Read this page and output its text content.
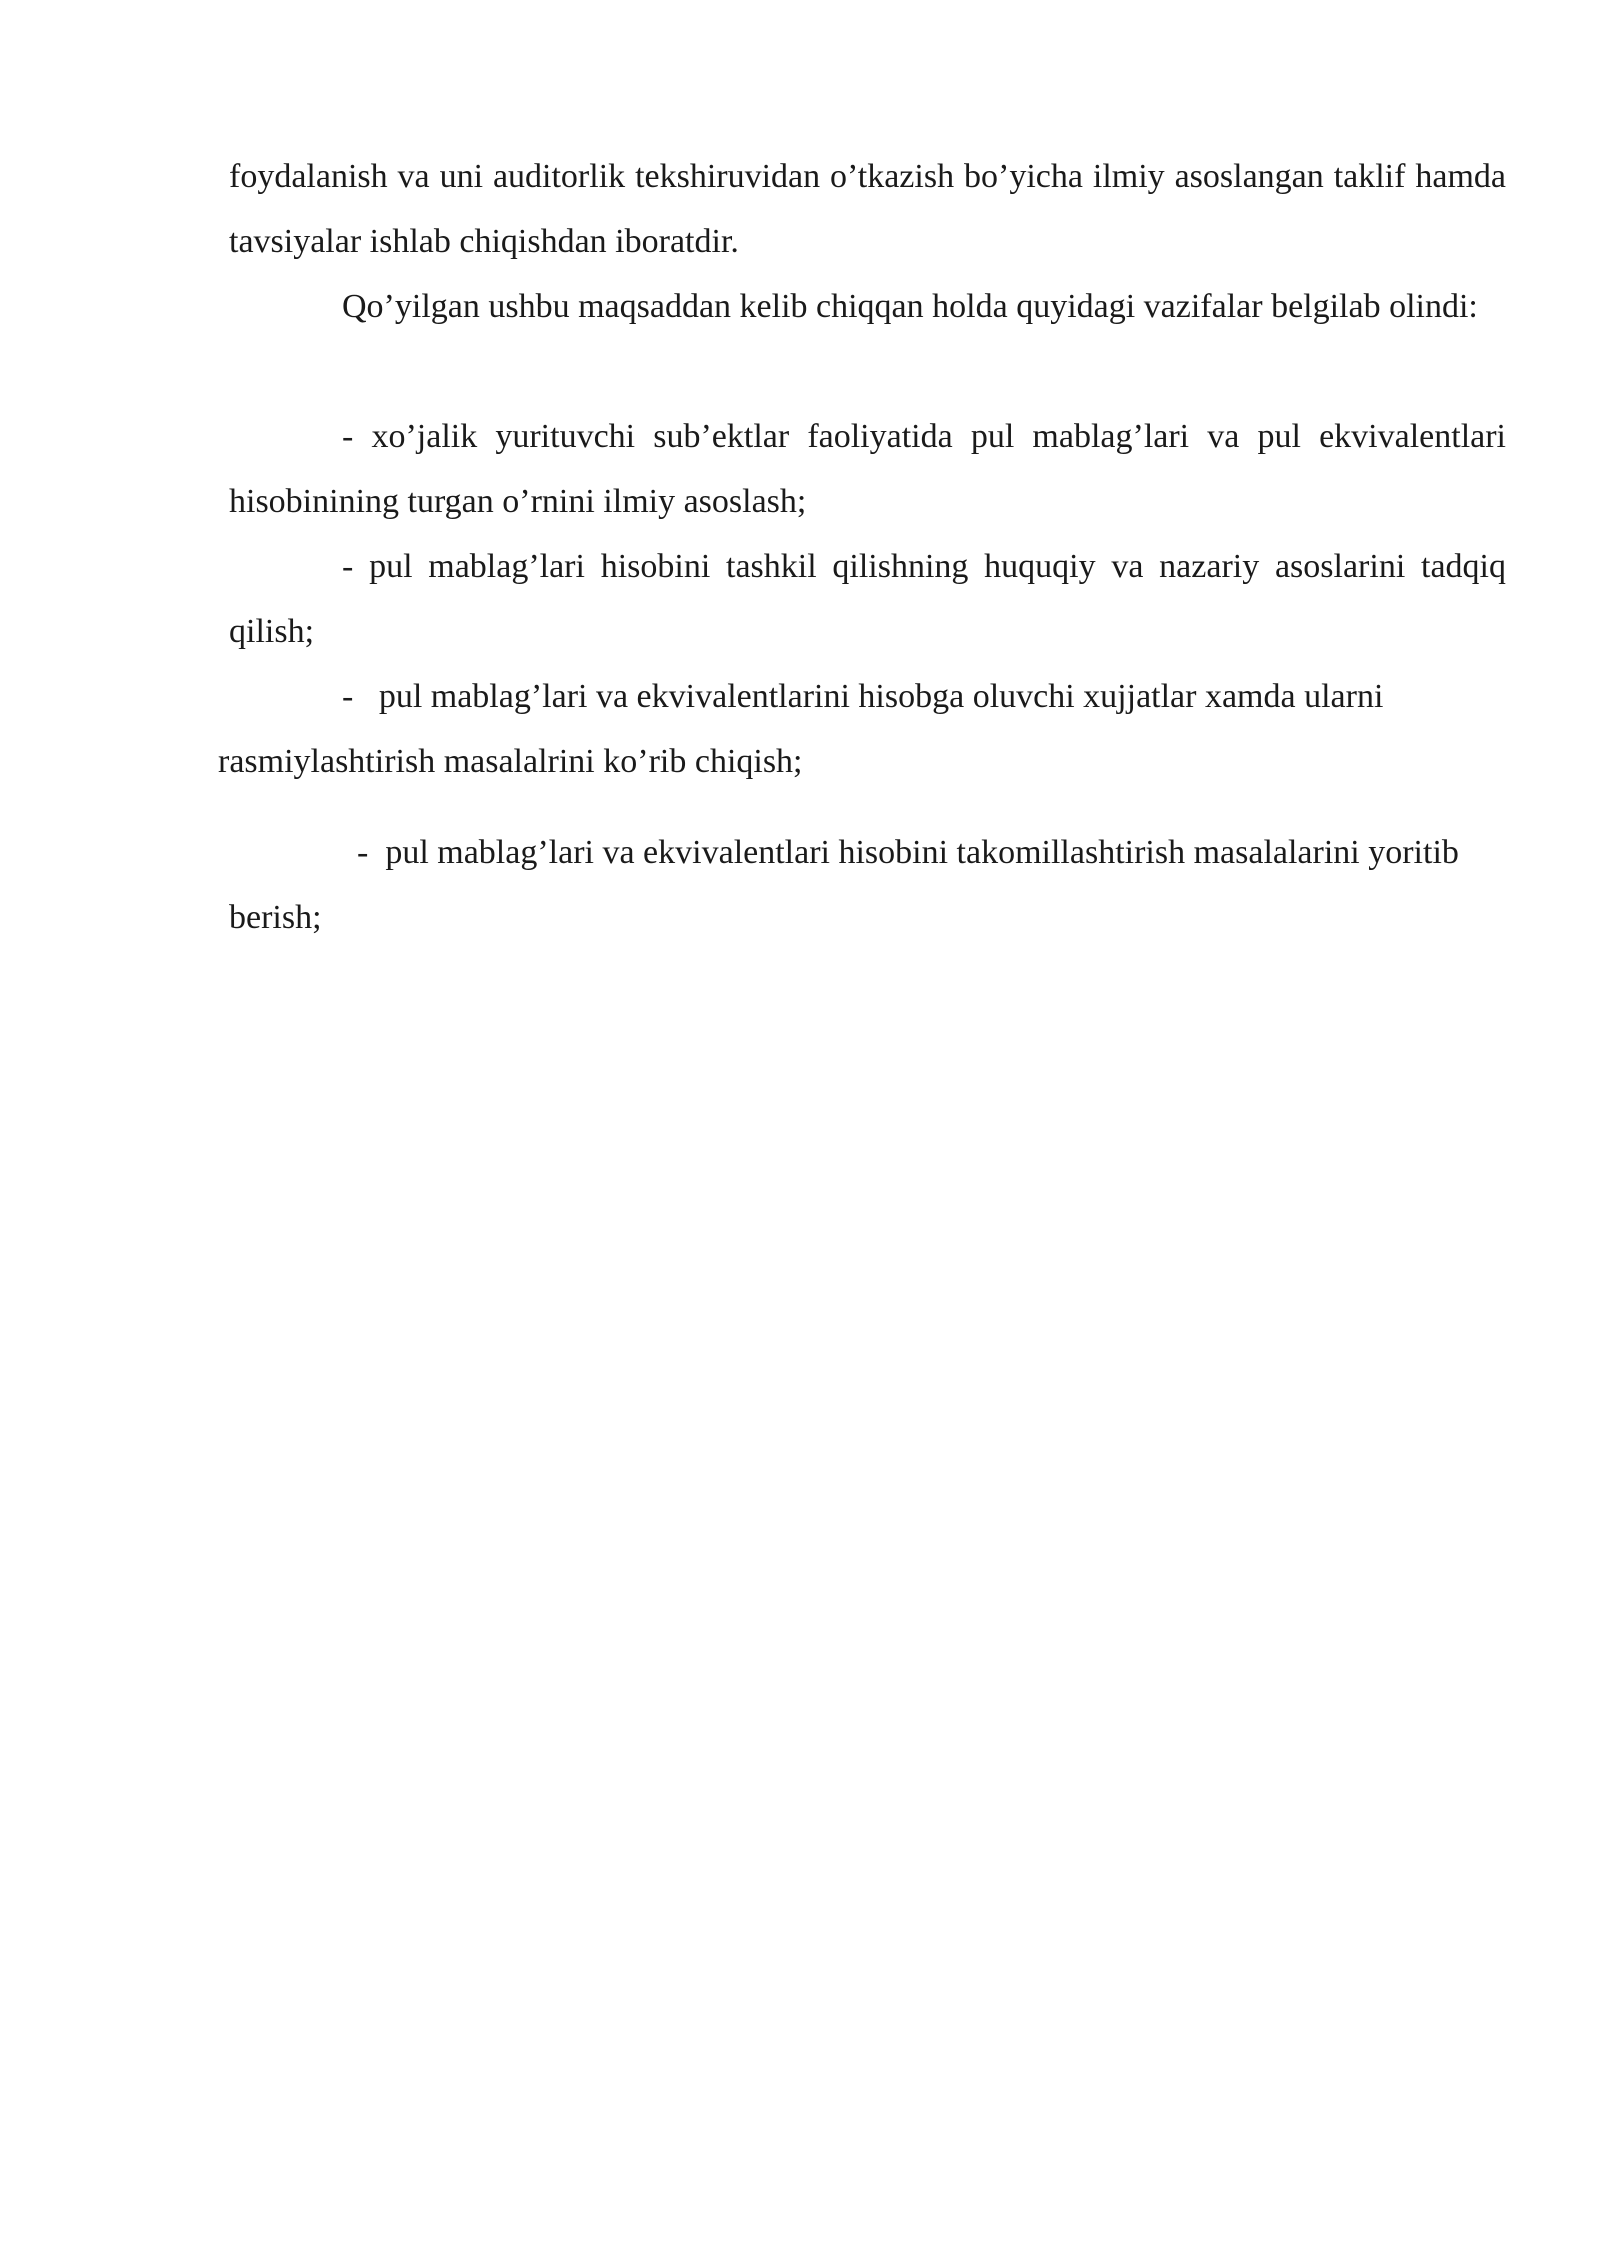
foydalanish va uni auditorlik tekshiruvidan o’tkazish bo’yicha ilmiy asoslangan taklif hamda tavsiyalar ishlab chiqishdan iboratdir.

Qo’yilgan ushbu maqsaddan kelib chiqqan holda quyidagi vazifalar belgilab olindi:

- xo’jalik yurituvchi sub’ektlar faoliyatida pul mablag’lari va pul ekvivalentlari hisobinining turgan o’rnini ilmiy asoslash;

- pul mablag’lari hisobini tashkil qilishning huquqiy va nazariy asoslarini tadqiq qilish;

-   pul mablag’lari va ekvivalentlarini hisobga oluvchi xujjatlar xamda ularni rasmiylashtirish masalalrini ko’rib chiqish;

-  pul mablag’lari va ekvivalentlari hisobini takomillashtirish masalalarini yoritib berish;
